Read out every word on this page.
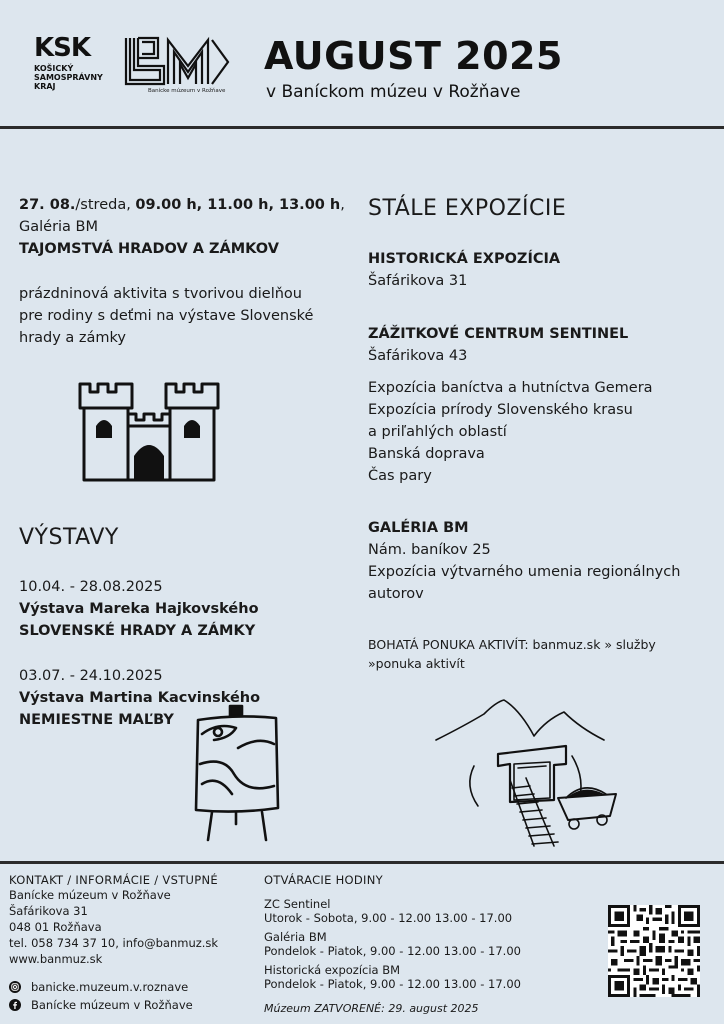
KSK
KOŠICKÝ
SAMOSPRÁVNY
KRAJ	Banícke múzeum v Rožňave
AUGUST 2025
v Baníckom múzeu v Rožňave
27. 08./streda, 09.00 h, 11.00 h, 13.00 h,
Galéria BM
TAJOMSTVÁ HRADOV A ZÁMKOV
prázdninová aktivita s tvorivou dielňou
pre rodiny s deťmi na výstave Slovenské
hrady a zámky
VÝSTAVY
10.04. - 28.08.2025
Výstava Mareka Hajkovského
SLOVENSKÉ HRADY A ZÁMKY
03.07. - 24.10.2025
Výstava Martina Kacvinského
NEMIESTNE MAĽBY
STÁLE EXPOZÍCIE
HISTORICKÁ EXPOZÍCIA
Šafárikova 31
ZÁŽITKOVÉ CENTRUM SENTINEL
Šafárikova 43
Expozícia baníctva a hutníctva Gemera
Expozícia prírody Slovenského krasu
a priľahlých oblastí
Banská doprava
Čas pary
GALÉRIA BM
Nám. baníkov 25
Expozícia výtvarného umenia regionálnych
autorov
BOHATÁ PONUKA AKTIVÍT: banmuz.sk » služby
»ponuka aktivít
KONTAKT / INFORMÁCIE / VSTUPNÉ
Banícke múzeum v Rožňave
Šafárikova 31
048 01 Rožňava
tel. 058 734 37 10, info@banmuz.sk
www.banmuz.sk
banicke.muzeum.v.roznave
Banícke múzeum v Rožňave
OTVÁRACIE HODINY
ZC Sentinel
Utorok - Sobota, 9.00 - 12.00 13.00 - 17.00
Galéria BM
Pondelok - Piatok, 9.00 - 12.00 13.00 - 17.00
Historická expozícia BM
Pondelok - Piatok, 9.00 - 12.00 13.00 - 17.00
Múzeum ZATVORENÉ: 29. august 2025
